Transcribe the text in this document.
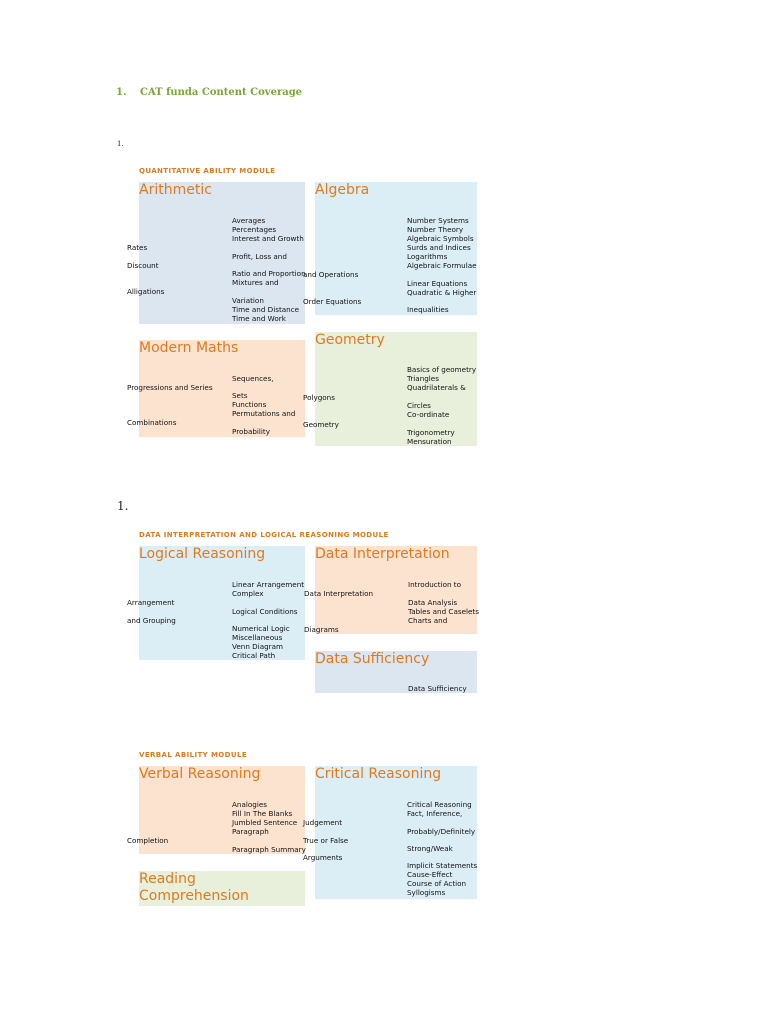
1. CAT funda Content Coverage
1.
QUANTITATIVE ABILITY MODULE
Arithmetic
Averages
Percentages
Interest and Growth
Profit, Loss and
Ratio and Proportion
Mixtures and
Variation
Time and Distance
Time and Work
Rates
Discount
Alligations
Algebra
Number Systems
Number Theory
Algebraic Symbols
Surds and Indices
Logarithms
Algebraic Formulae
Linear Equations
Quadratic & Higher
Inequalities
and Operations
Order Equations
Modern Maths
Sequences,
Sets
Functions
Permutations and
Probability
Progressions and Series
Combinations
Geometry
Basics of geometry
Triangles
Quadrilaterals &
Circles
Co-ordinate
Trigonometry
Mensuration
Polygons
Geometry
1.
DATA INTERPRETATION AND LOGICAL REASONING MODULE
Logical Reasoning
Linear Arrangement
Complex
Logical Conditions
Numerical Logic
Miscellaneous
Venn Diagram
Critical Path
Arrangement
and Grouping
Data Interpretation
Introduction to
Data Analysis
Tables and Caselets
Charts and
Data Interpretation
Diagrams
Data Sufficiency
Data Sufficiency
VERBAL ABILITY MODULE
Verbal Reasoning
Analogies
Fill In The Blanks
Jumbled Sentence
Paragraph
Paragraph Summary
Completion
Critical Reasoning
Critical Reasoning
Fact, Inference,
Probably/Definitely
Strong/Weak
Implicit Statements
Cause-Effect
Course of Action
Syllogisms
Judgement
True or False
Arguments
Reading Comprehension
